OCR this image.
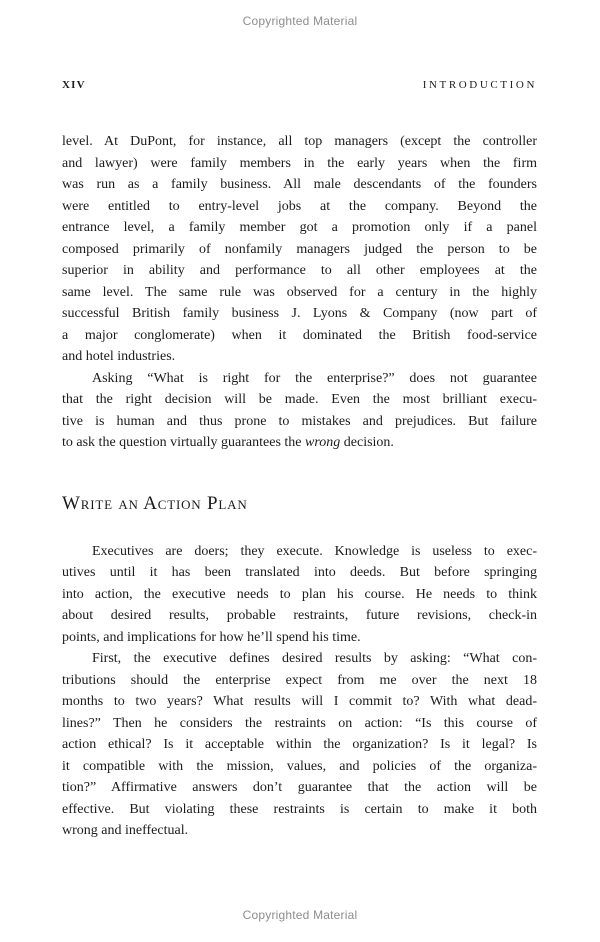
Copyrighted Material
XIV	INTRODUCTION
level. At DuPont, for instance, all top managers (except the controller
and lawyer) were family members in the early years when the firm
was run as a family business. All male descendants of the founders
were entitled to entry-level jobs at the company. Beyond the
entrance level, a family member got a promotion only if a panel
composed primarily of nonfamily managers judged the person to be
superior in ability and performance to all other employees at the
same level. The same rule was observed for a century in the highly
successful British family business J. Lyons & Company (now part of
a major conglomerate) when it dominated the British food-service
and hotel industries.
Asking “What is right for the enterprise?” does not guarantee
that the right decision will be made. Even the most brilliant execu-
tive is human and thus prone to mistakes and prejudices. But failure
to ask the question virtually guarantees the wrong decision.
Write an Action Plan
Executives are doers; they execute. Knowledge is useless to exec-
utives until it has been translated into deeds. But before springing
into action, the executive needs to plan his course. He needs to think
about desired results, probable restraints, future revisions, check-in
points, and implications for how he’ll spend his time.
First, the executive defines desired results by asking: “What con-
tributions should the enterprise expect from me over the next 18
months to two years? What results will I commit to? With what dead-
lines?” Then he considers the restraints on action: “Is this course of
action ethical? Is it acceptable within the organization? Is it legal? Is
it compatible with the mission, values, and policies of the organiza-
tion?” Affirmative answers don’t guarantee that the action will be
effective. But violating these restraints is certain to make it both
wrong and ineffectual.
Copyrighted Material
